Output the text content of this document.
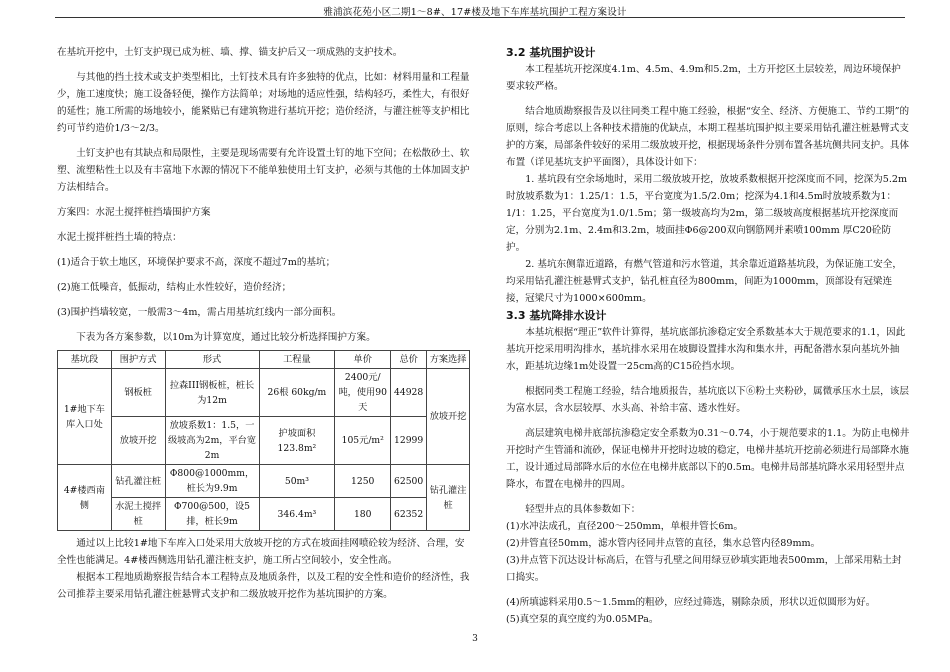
雅浦滨花苑小区二期1～8#、17#楼及地下车库基坑围护工程方案设计

在基坑开挖中，土钉支护现已成为桩、墙、撑、锚支护后又一项成熟的支护技术。

与其他的挡土技术或支护类型相比，土钉技术具有许多独特的优点，比如：材料用量和工程量少，施工速度快；施工设备轻便，操作方法简单；对场地的适应性强，结构轻巧，柔性大，有很好的延性；施工所需的场地较小，能紧贴已有建筑物进行基坑开挖；造价经济，与灌注桩等支护相比约可节约造价1/3～2/3。

土钉支护也有其缺点和局限性，主要是现场需要有允许设置土钉的地下空间；在松散砂土、软塑、流塑粘性土以及有丰富地下水源的情况下不能单独使用土钉支护，必须与其他的土体加固支护方法相结合。

方案四：水泥土搅拌桩挡墙围护方案

水泥土搅拌桩挡土墙的特点：

(1)适合于软土地区，环境保护要求不高，深度不超过7m的基坑；

(2)施工低噪音，低振动，结构止水性较好，造价经济；

(3)围护挡墙较宽，一般需3～4m，需占用基坑红线内一部分面积。

下表为各方案参数，以10m为计算宽度，通过比较分析选择围护方案。

基坑段	围护方式	形式	工程量	单价	总价	方案选择
1#地下车库入口处	钢板桩	拉森III钢板桩，桩长为12m	26根 60kg/m	2400元/吨，使用90天	44928	放坡开挖
	放坡开挖	放坡系数1：1.5，一级坡高为2m，平台宽2m	护坡面积 123.8m²	105元/m²	12999	
4#楼西南侧	钻孔灌注桩	Φ800@1000mm，桩长为9.9m	50m³	1250	62500	钻孔灌注桩
	水泥土搅拌桩	Φ700@500，设5排，桩长9m	346.4m³	180	62352	

通过以上比较1#地下车库入口处采用大放坡开挖的方式在坡面挂网喷砼较为经济、合理，安全性也能满足。4#楼西侧选用钻孔灌注桩支护，施工所占空间较小，安全性高。

根据本工程地质勘察报告结合本工程特点及地质条件，以及工程的安全性和造价的经济性，我公司推荐主要采用钻孔灌注桩悬臂式支护和二级放坡开挖作为基坑围护的方案。

3.2 基坑围护设计

本工程基坑开挖深度4.1m、4.5m、4.9m和5.2m，土方开挖区土层较差，周边环境保护要求较严格。

结合地质勘察报告及以往同类工程中施工经验，根据“安全、经济、方便施工、节约工期”的原则，综合考虑以上各种技术措施的优缺点，本期工程基坑围护拟主要采用钻孔灌注桩悬臂式支护的方案，局部条件较好的采用二级放坡开挖，根据现场条件分别布置各基坑侧共同支护。具体布置（详见基坑支护平面图），具体设计如下：

1. 基坑段有空余场地时，采用二级放坡开挖，放坡系数根据开挖深度而不同，挖深为5.2m时放坡系数为1：1.25/1：1.5，平台宽度为1.5/2.0m；挖深为4.1和4.5m时放坡系数为1：1/1：1.25，平台宽度为1.0/1.5m；第一级坡高均为2m，第二级坡高度根据基坑开挖深度而定，分别为2.1m、2.4m和3.2m，坡面挂Φ6@200双向钢筋网并素喷100mm 厚C20砼防护。

2. 基坑东侧靠近道路，有燃气管道和污水管道，其余靠近道路基坑段，为保证施工安全，均采用钻孔灌注桩悬臂式支护，钻孔桩直径为800mm，间距为1000mm，顶部设有冠梁连接，冠梁尺寸为1000×600mm。

3.3 基坑降排水设计

本基坑根据“理正”软件计算得，基坑底部抗渗稳定安全系数基本大于规范要求的1.1，因此基坑开挖采用明沟排水，基坑排水采用在坡脚设置排水沟和集水井，再配备潜水泵向基坑外抽水，距基坑边缘1m处设置一25cm高的C15砼挡水坝。

根据同类工程施工经验，结合地质报告，基坑底以下⑥粉土夹粉砂，属微承压水土层，该层为富水层，含水层较厚、水头高、补给丰富、透水性好。

高层建筑电梯井底部抗渗稳定安全系数为0.31～0.74，小于规范要求的1.1。为防止电梯井开挖时产生管涌和流砂，保证电梯井开挖时边坡的稳定，电梯井基坑开挖前必须进行局部降水施工，设计通过局部降水后的水位在电梯井底部以下的0.5m。电梯井局部基坑降水采用轻型井点降水，布置在电梯井的四周。

轻型井点的具体参数如下：

(1)水冲法成孔，直径200～250mm，单根井管长6m。

(2)井管直径50mm，滤水管内径同井点管的直径，集水总管内径89mm。

(3)井点管下沉达设计标高后，在管与孔壁之间用绿豆砂填实距地表500mm，上部采用粘土封口捣实。

(4)所填滤料采用0.5～1.5mm的粗砂，应经过筛选，剔除杂质，形状以近似圆形为好。

(5)真空泵的真空度约为0.05MPa。

3
